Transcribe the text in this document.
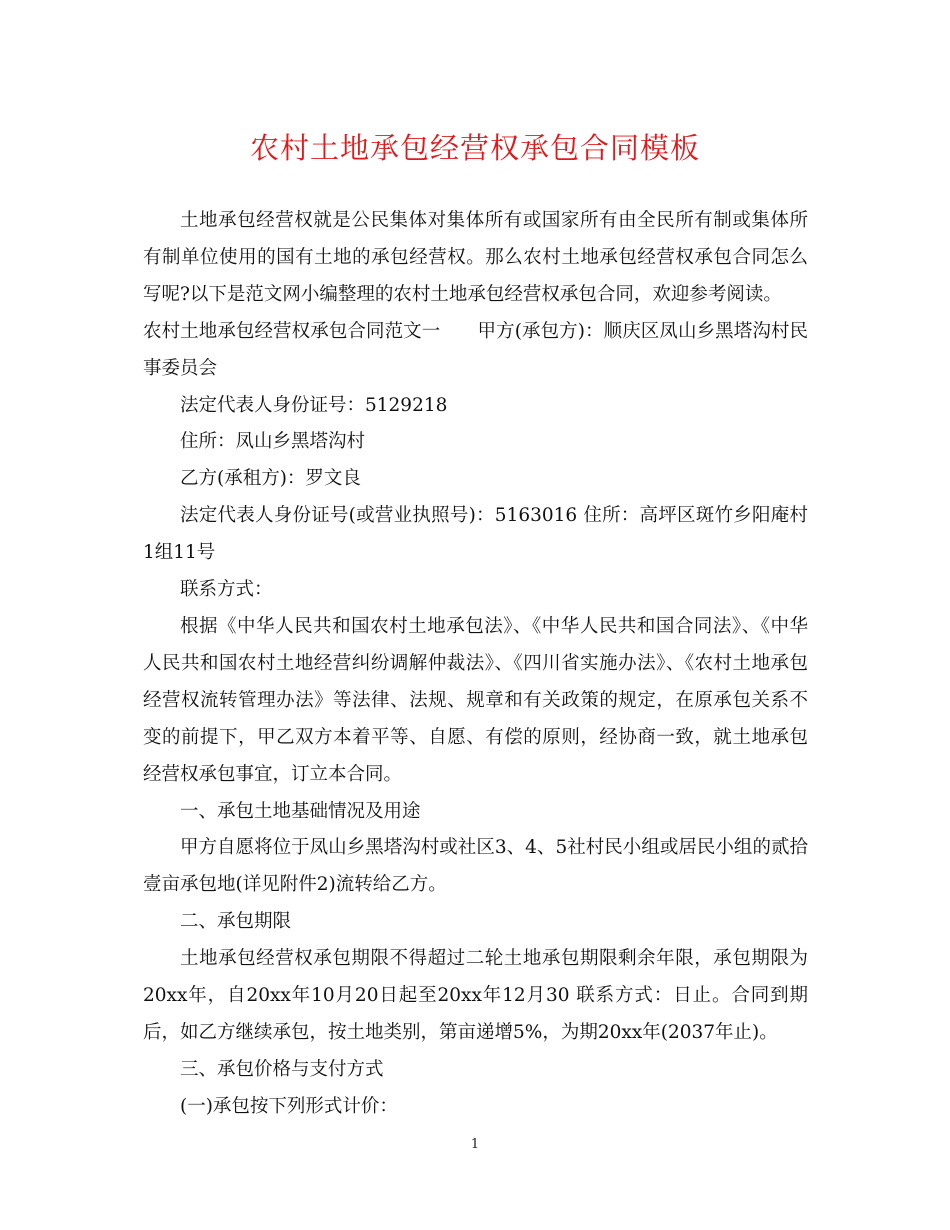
农村土地承包经营权承包合同模板

土地承包经营权就是公民集体对集体所有或国家所有由全民所有制或集体所有制单位使用的国有土地的承包经营权。那么农村土地承包经营权承包合同怎么写呢?以下是范文网小编整理的农村土地承包经营权承包合同，欢迎参考阅读。

农村土地承包经营权承包合同范文一　　甲方(承包方)：顺庆区凤山乡黑塔沟村民事委员会

法定代表人身份证号：5129218

住所：凤山乡黑塔沟村

乙方(承租方)：罗文良

法定代表人身份证号(或营业执照号)：5163016 住所：高坪区斑竹乡阳庵村1组11号

联系方式：

根据《中华人民共和国农村土地承包法》、《中华人民共和国合同法》、《中华人民共和国农村土地经营纠纷调解仲裁法》、《四川省实施办法》、《农村土地承包经营权流转管理办法》等法律、法规、规章和有关政策的规定，在原承包关系不变的前提下，甲乙双方本着平等、自愿、有偿的原则，经协商一致，就土地承包经营权承包事宜，订立本合同。

一、承包土地基础情况及用途

甲方自愿将位于凤山乡黑塔沟村或社区3、4、5社村民小组或居民小组的贰拾壹亩承包地(详见附件2)流转给乙方。

二、承包期限

土地承包经营权承包期限不得超过二轮土地承包期限剩余年限，承包期限为20xx年，自20xx年10月20日起至20xx年12月30 联系方式：日止。合同到期后，如乙方继续承包，按土地类别，第亩递增5%，为期20xx年(2037年止)。

三、承包价格与支付方式

(一)承包按下列形式计价：

1
